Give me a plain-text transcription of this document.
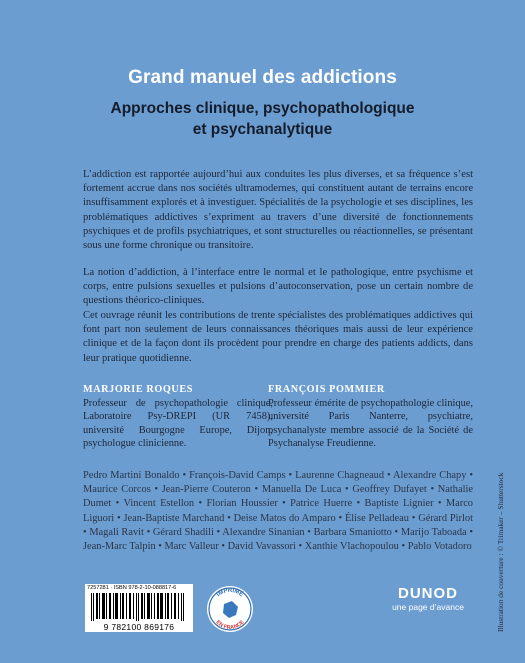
Grand manuel des addictions
Approches clinique, psychopathologique
et psychanalytique
L’addiction est rapportée aujourd’hui aux conduites les plus diverses, et sa fréquence s’est fortement accrue dans nos sociétés ultramodernes, qui constituent autant de terrains encore insuffisamment explorés et à investiguer. Spécialités de la psychologie et ses disciplines, les problématiques addictives s’expriment au travers d’une diversité de fonctionnements psychiques et de profils psychiatriques, et sont structurelles ou réactionnelles, se présentant sous une forme chronique ou transitoire.
La notion d’addiction, à l’interface entre le normal et le pathologique, entre psychisme et corps, entre pulsions sexuelles et pulsions d’autoconservation, pose un certain nombre de questions théorico-cliniques.
Cet ouvrage réunit les contributions de trente spécialistes des problématiques addictives qui font part non seulement de leurs connaissances théoriques mais aussi de leur expérience clinique et de la façon dont ils procèdent pour prendre en charge des patients addicts, dans leur pratique quotidienne.
MARJORIE ROQUES
Professeur de psychopathologie clinique, Laboratoire Psy-DREPI (UR 7458), université Bourgogne Europe, Dijon, psychologue clinicienne.
FRANÇOIS POMMIER
Professeur émérite de psychopathologie clinique, université Paris Nanterre, psychiatre, psychanalyste membre associé de la Société de Psychanalyse Freudienne.
Pedro Martini Bonaldo • François-David Camps • Laurenne Chagneaud • Alexandre Chapy • Maurice Corcos • Jean-Pierre Couteron • Manuella De Luca • Geoffrey Dufayet • Nathalie Dumet • Vincent Estellon • Florian Houssier • Patrice Huerre • Baptiste Lignier • Marco Liguori • Jean-Baptiste Marchand • Deise Matos do Amparo • Élise Pelladeau • Gérard Pirlot • Magali Ravit • Gérard Shadili • Alexandre Sinanian • Barbara Smaniotto • Marijo Taboada • Jean-Marc Talpin • Marc Valleur • David Vavassori • Xanthie Vlachopoulou • Pablo Votadoro
7257281 · ISBN 978-2-10-088817-6
9 782100 869176
IMPRIMÉ
EN FRANCE
DUNOD
une page d’avance	Illustration de couverture : © Trimaker – Shutterstock
